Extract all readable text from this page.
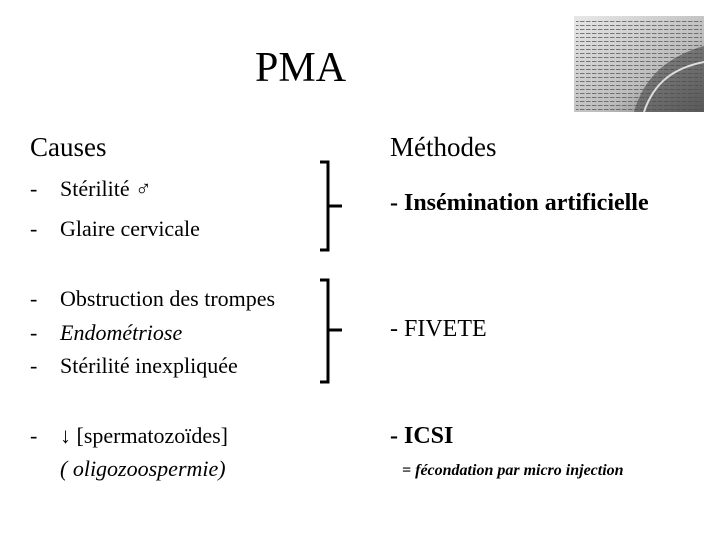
PMA
Causes	Méthodes
- Stérilité ♂
- Glaire cervicale
- Obstruction des trompes
- Endométriose
- Stérilité inexpliquée
- ↓ [spermatozoïdes]
( oligozoospermie)
- Insémination artificielle
- FIVETE
- ICSI
= fécondation par micro injection
